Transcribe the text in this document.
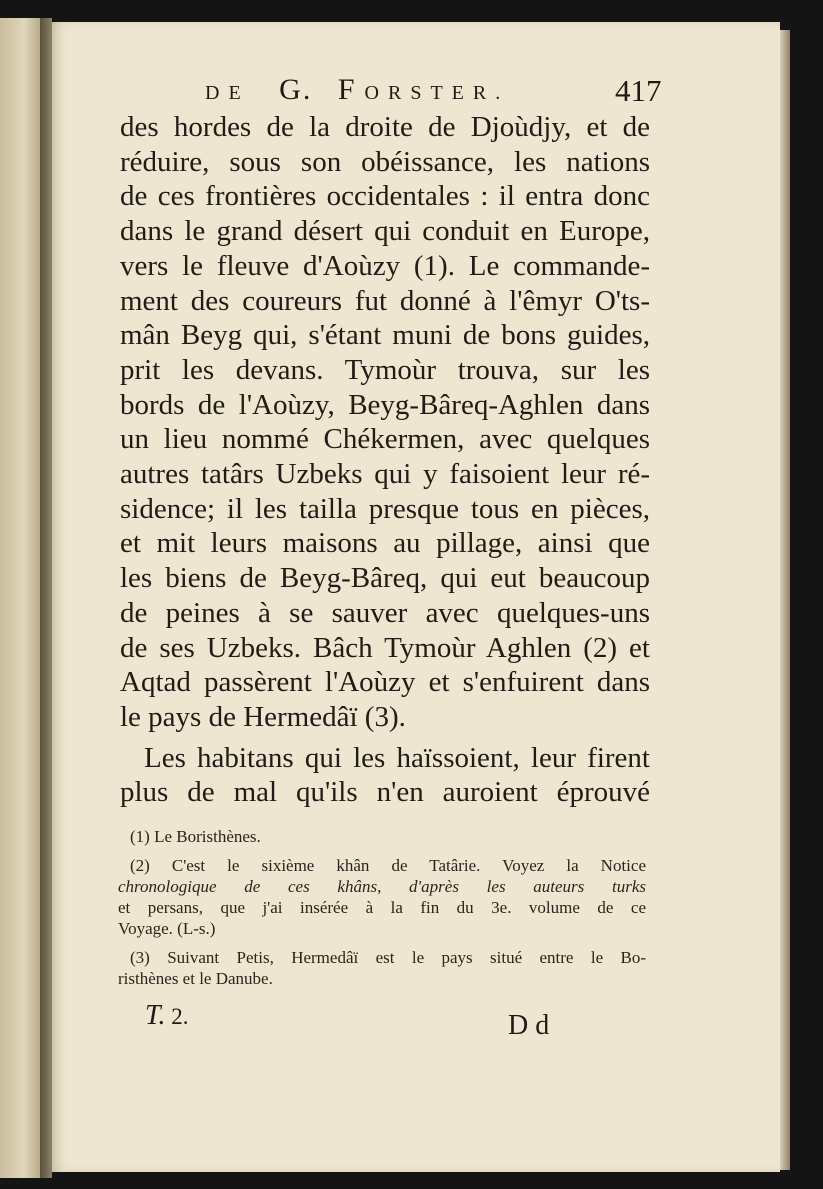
DE G. FORSTER.	417
des hordes de la droite de Djoùdjy, et de
réduire, sous son obéissance, les nations
de ces frontières occidentales : il entra donc
dans le grand désert qui conduit en Europe,
vers le fleuve d'Aoùzy (1). Le commande-
ment des coureurs fut donné à l'êmyr O'ts-
mân Beyg qui, s'étant muni de bons guides,
prit les devans. Tymoùr trouva, sur les
bords de l'Aoùzy, Beyg-Bâreq-Aghlen dans
un lieu nommé Chékermen, avec quelques
autres tatârs Uzbeks qui y faisoient leur ré-
sidence; il les tailla presque tous en pièces,
et mit leurs maisons au pillage, ainsi que
les biens de Beyg-Bâreq, qui eut beaucoup
de peines à se sauver avec quelques-uns
de ses Uzbeks. Bâch Tymoùr Aghlen (2) et
Aqtad passèrent l'Aoùzy et s'enfuirent dans
le pays de Hermedâï (3).
Les habitans qui les haïssoient, leur firent
plus de mal qu'ils n'en auroient éprouvé
(1) Le Boristhènes.
(2) C'est le sixième khân de Tatârie. Voyez la Notice
chronologique de ces khâns, d'après les auteurs turks
et persans, que j'ai insérée à la fin du 3e. volume de ce
Voyage. (L-s.)
(3) Suivant Petis, Hermedâï est le pays situé entre le Bo-
risthènes et le Danube.
T. 2.	D d
